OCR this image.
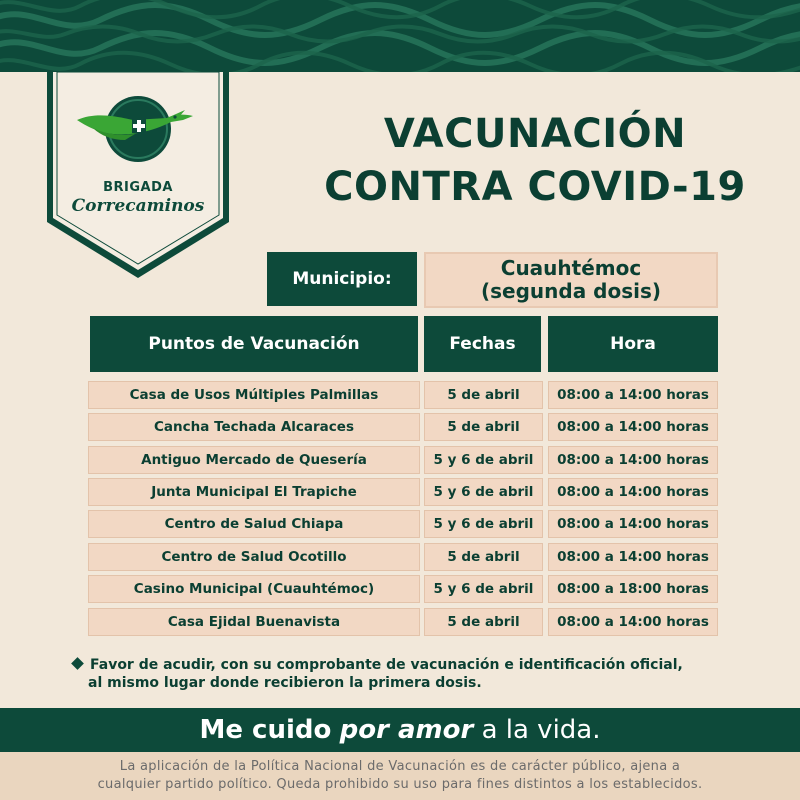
BRIGADA
Correcaminos
VACUNACIÓN
CONTRA COVID-19
Municipio:	Cuauhtémoc
(segunda dosis)
Puntos de Vacunación	Fechas	Hora
Casa de Usos Múltiples Palmillas	5 de abril	08:00 a 14:00 horas
Cancha Techada Alcaraces	5 de abril	08:00 a 14:00 horas
Antiguo Mercado de Quesería	5 y 6 de abril	08:00 a 14:00 horas
Junta Municipal El Trapiche	5 y 6 de abril	08:00 a 14:00 horas
Centro de Salud Chiapa	5 y 6 de abril	08:00 a 14:00 horas
Centro de Salud Ocotillo	5 de abril	08:00 a 14:00 horas
Casino Municipal (Cuauhtémoc)	5 y 6 de abril	08:00 a 18:00 horas
Casa Ejidal Buenavista	5 de abril	08:00 a 14:00 horas
Favor de acudir, con su comprobante de vacunación e identificación oficial,
al mismo lugar donde recibieron la primera dosis.
Me cuido
por amor
a la vida.
La aplicación de la Política Nacional de Vacunación es de carácter público, ajena a
cualquier partido político. Queda prohibido su uso para fines distintos a los establecidos.
